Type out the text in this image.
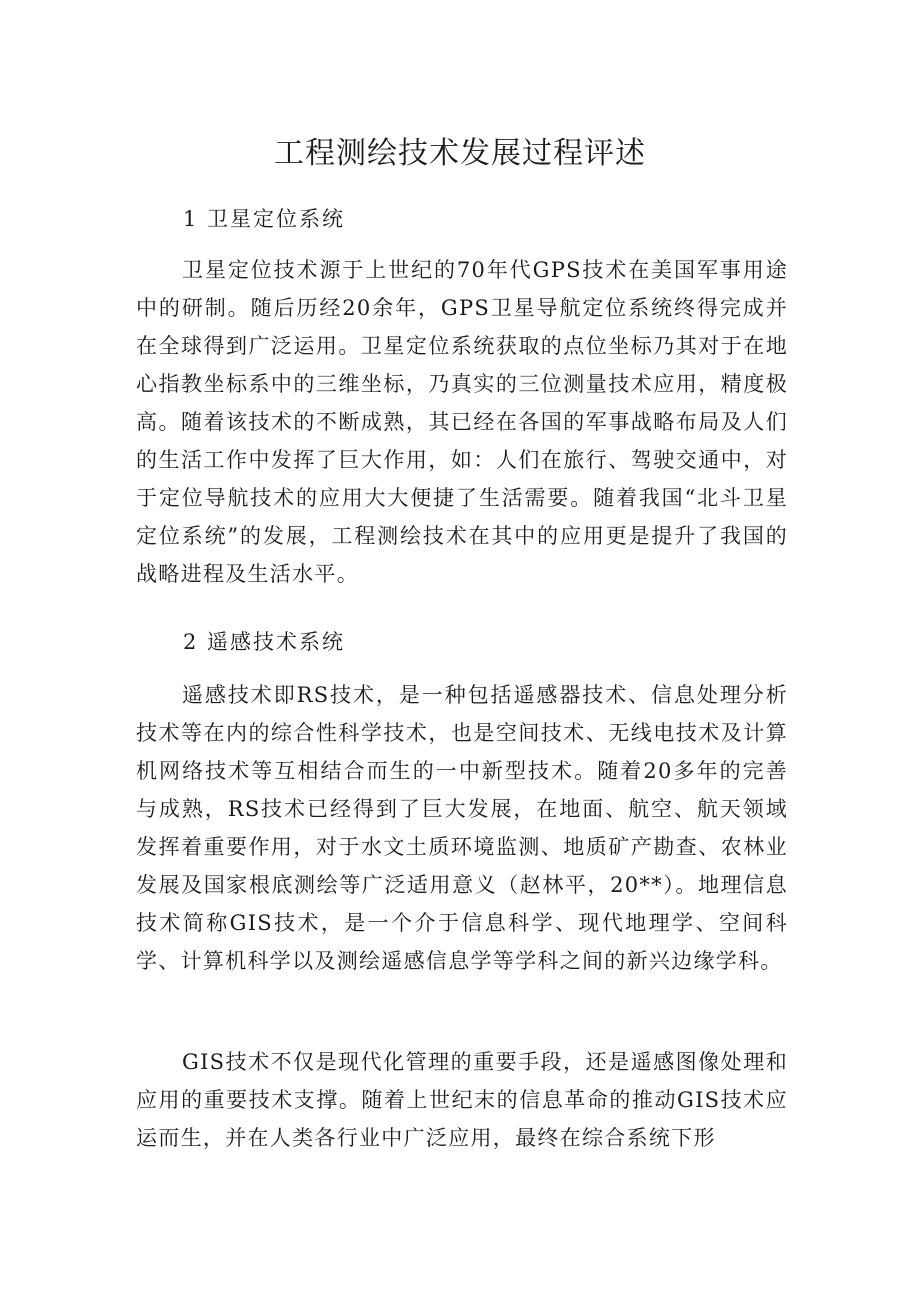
工程测绘技术发展过程评述
1 卫星定位系统

卫星定位技术源于上世纪的70年代GPS技术在美国军事用途中的研制。随后历经20余年，GPS卫星导航定位系统终得完成并在全球得到广泛运用。卫星定位系统获取的点位坐标乃其对于在地心指教坐标系中的三维坐标，乃真实的三位测量技术应用，精度极高。随着该技术的不断成熟，其已经在各国的军事战略布局及人们的生活工作中发挥了巨大作用，如：人们在旅行、驾驶交通中，对于定位导航技术的应用大大便捷了生活需要。随着我国“北斗卫星定位系统”的发展，工程测绘技术在其中的应用更是提升了我国的战略进程及生活水平。

2 遥感技术系统

遥感技术即RS技术，是一种包括遥感器技术、信息处理分析技术等在内的综合性科学技术，也是空间技术、无线电技术及计算机网络技术等互相结合而生的一中新型技术。随着20多年的完善与成熟，RS技术已经得到了巨大发展，在地面、航空、航天领域发挥着重要作用，对于水文土质环境监测、地质矿产勘查、农林业发展及国家根底测绘等广泛适用意义（赵林平，20**）。地理信息技术简称GIS技术，是一个介于信息科学、现代地理学、空间科学、计算机科学以及测绘遥感信息学等学科之间的新兴边缘学科。

GIS技术不仅是现代化管理的重要手段，还是遥感图像处理和应用的重要技术支撑。随着上世纪末的信息革命的推动GIS技术应运而生，并在人类各行业中广泛应用，最终在综合系统下形
